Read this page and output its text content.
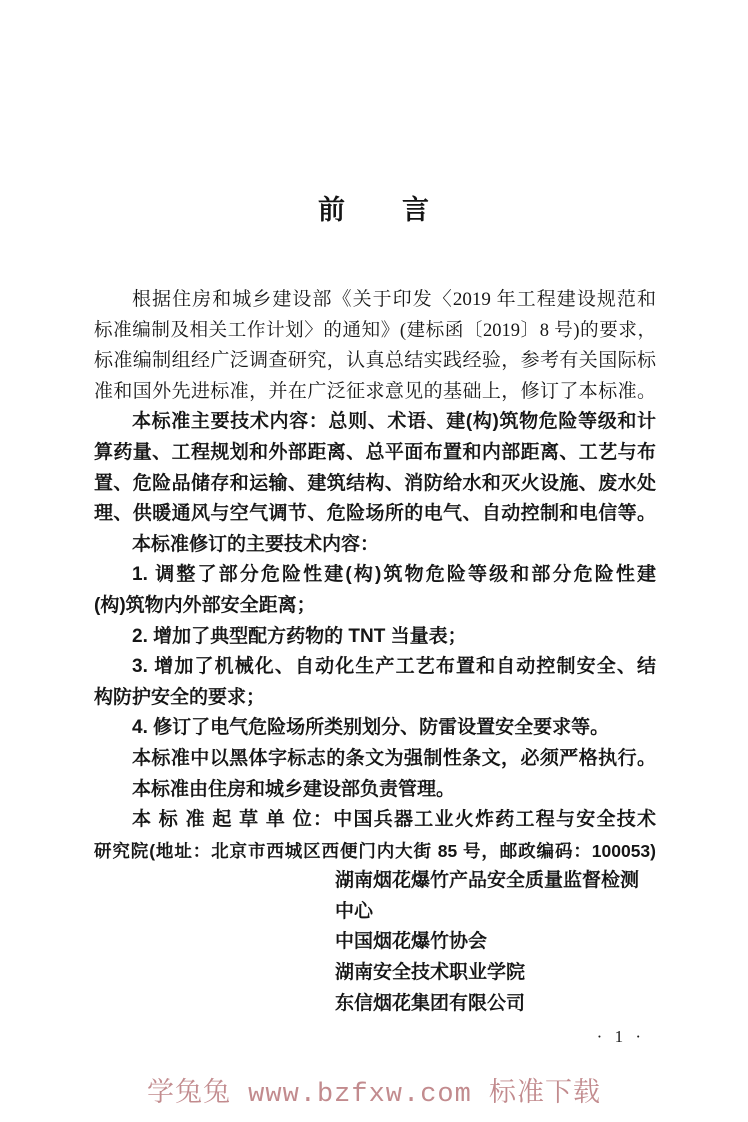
前　　言
根据住房和城乡建设部《关于印发〈2019 年工程建设规范和
标准编制及相关工作计划〉的通知》(建标函〔2019〕8 号)的要求，
标准编制组经广泛调查研究，认真总结实践经验，参考有关国际标
准和国外先进标准，并在广泛征求意见的基础上，修订了本标准。
本标准主要技术内容：总则、术语、建(构)筑物危险等级和计
算药量、工程规划和外部距离、总平面布置和内部距离、工艺与布
置、危险品储存和运输、建筑结构、消防给水和灭火设施、废水处
理、供暖通风与空气调节、危险场所的电气、自动控制和电信等。
本标准修订的主要技术内容：
1. 调整了部分危险性建(构)筑物危险等级和部分危险性建
(构)筑物内外部安全距离；
2. 增加了典型配方药物的 TNT 当量表；
3. 增加了机械化、自动化生产工艺布置和自动控制安全、结
构防护安全的要求；
4. 修订了电气危险场所类别划分、防雷设置安全要求等。
本标准中以黑体字标志的条文为强制性条文，必须严格执行。
本标准由住房和城乡建设部负责管理。
本 标 准 起 草 单 位：中国兵器工业火炸药工程与安全技术
研究院(地址：北京市西城区西便门内大街 85 号，邮政编码：100053)
湖南烟花爆竹产品安全质量监督检测
中心
中国烟花爆竹协会
湖南安全技术职业学院
东信烟花集团有限公司
· 1 ·
学兔兔 www.bzfxw.com 标准下载
